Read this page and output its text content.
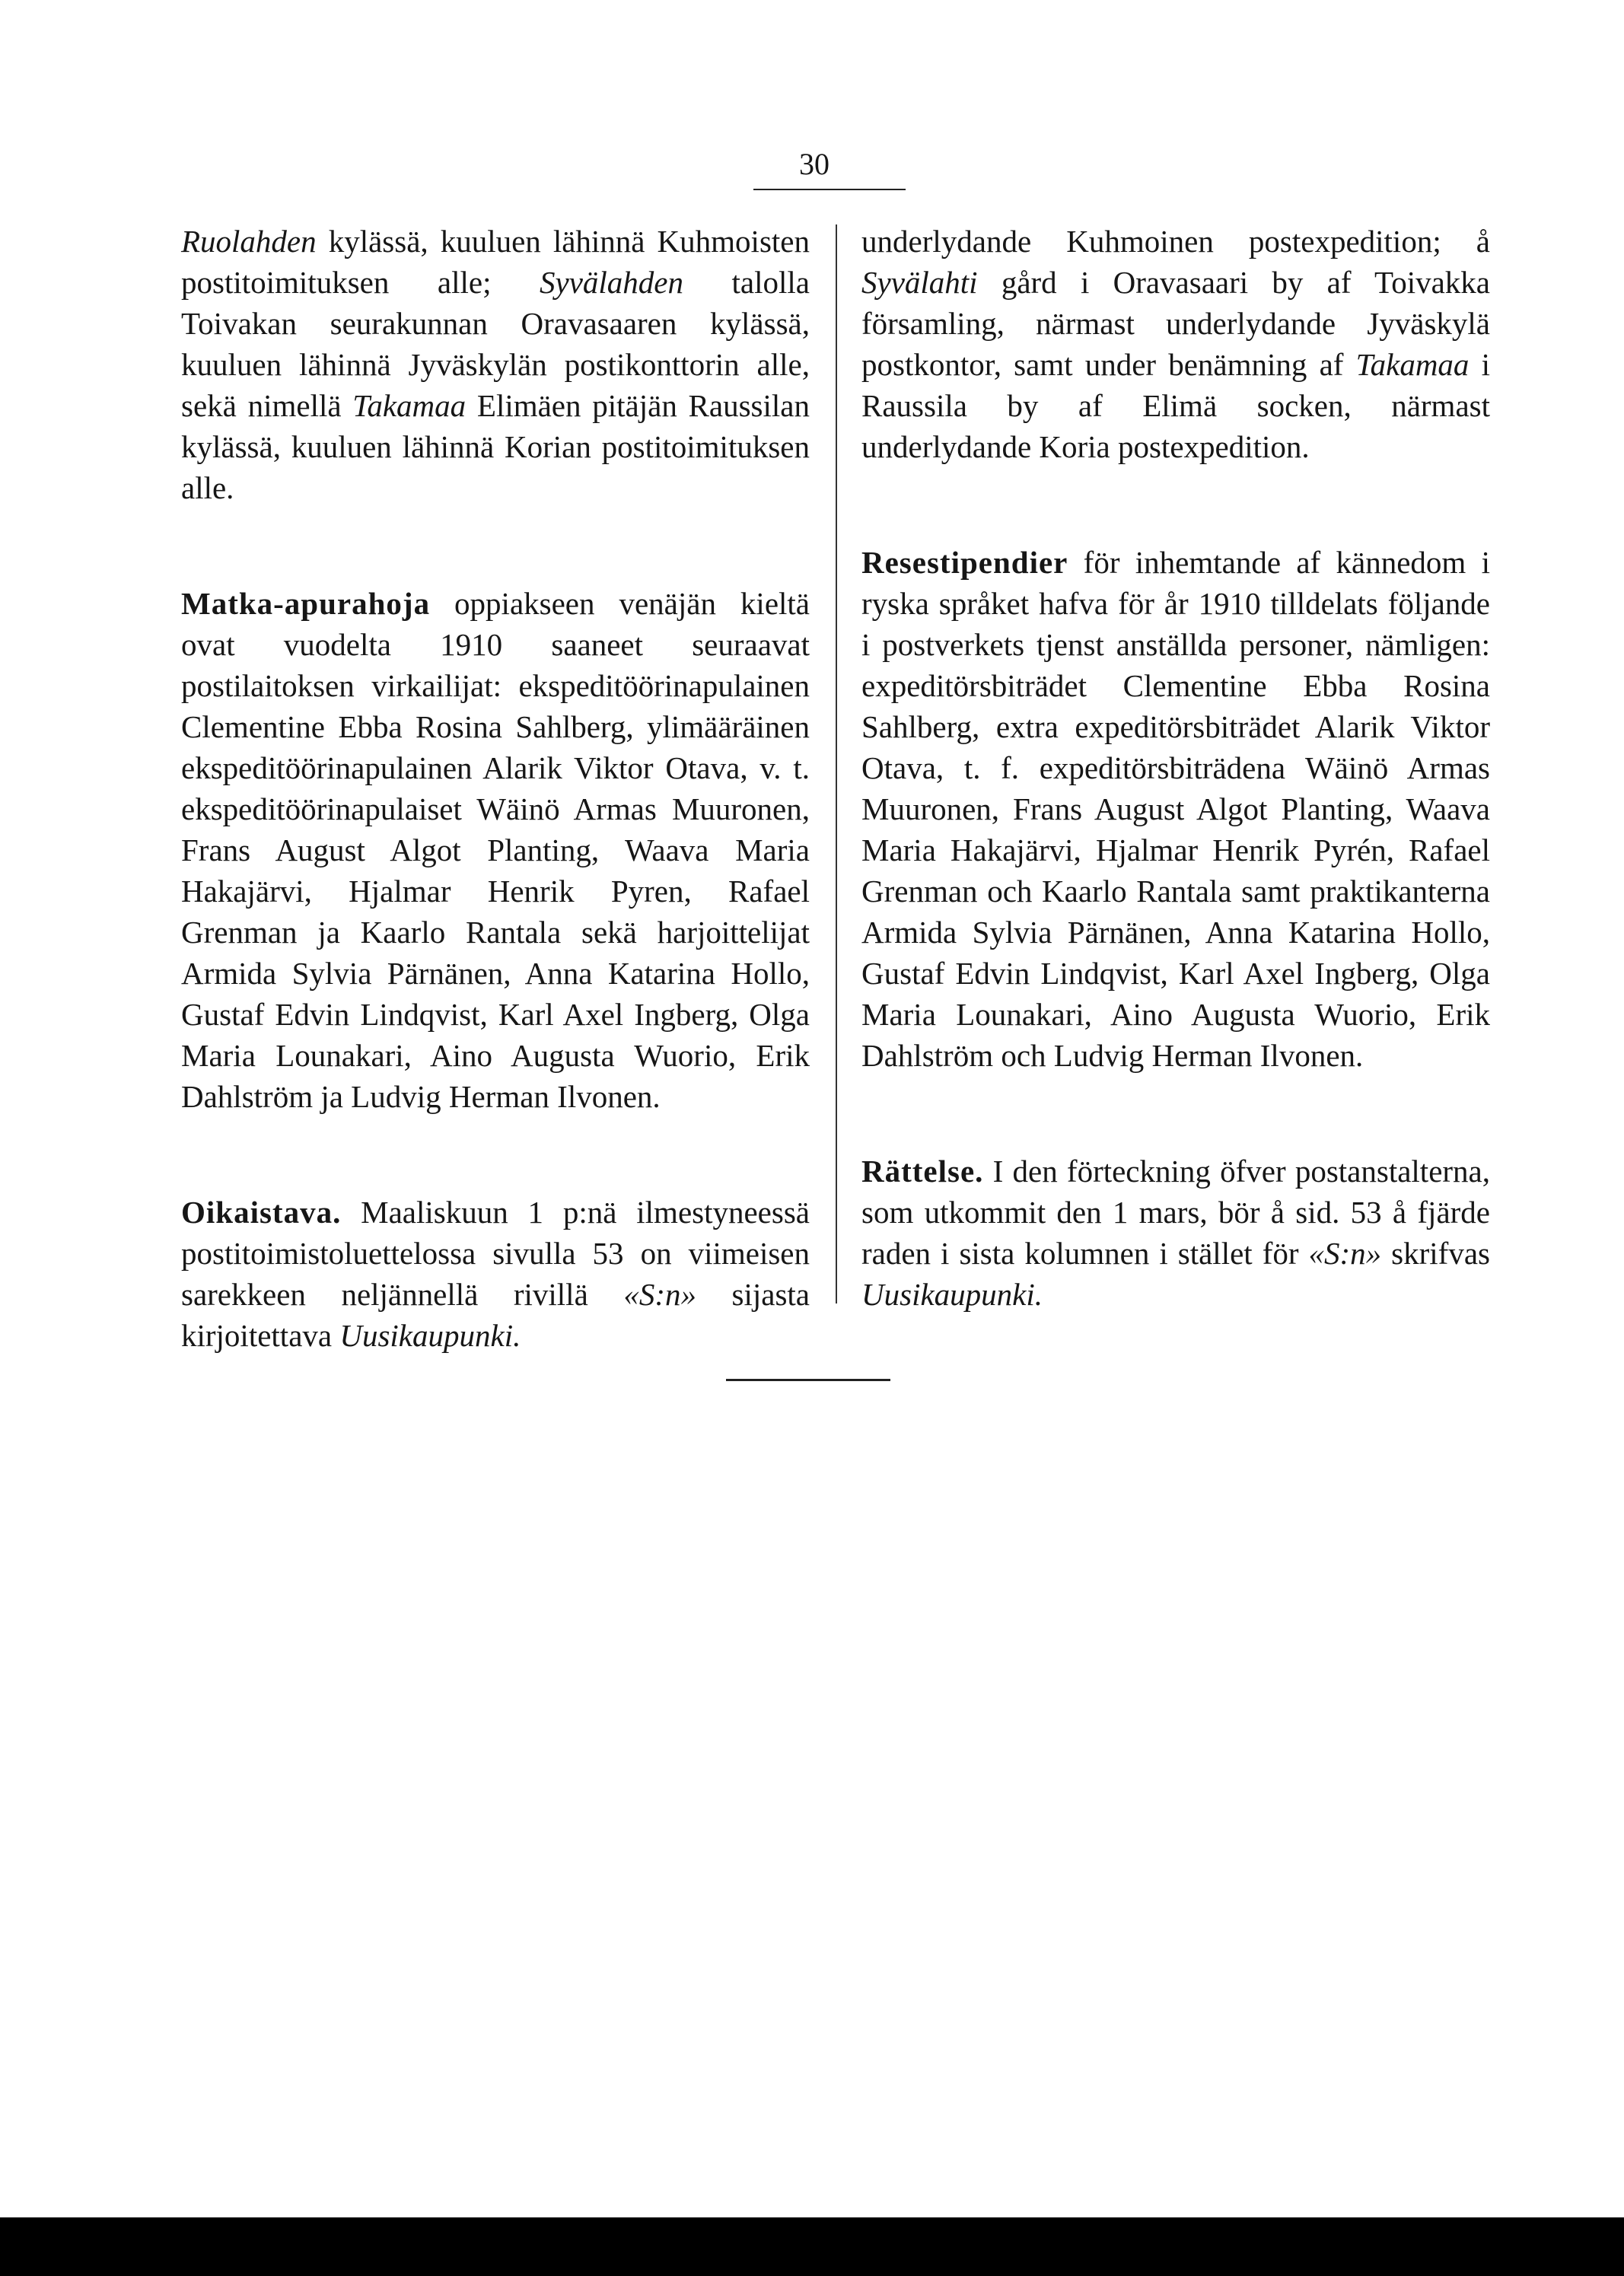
30

Ruolahden kylässä, kuuluen lähinnä Kuhmoisten postitoimituksen alle; Syvälahden talolla Toivakan seurakunnan Oravasaaren kylässä, kuuluen lähinnä Jyväskylän postikonttorin alle, sekä nimellä Takamaa Elimäen pitäjän Raussilan kylässä, kuuluen lähinnä Korian postitoimituksen alle.

Matka-apurahoja oppiakseen venäjän kieltä ovat vuodelta 1910 saaneet seuraavat postilaitoksen virkailijat: ekspeditöörinapulainen Clementine Ebba Rosina Sahlberg, ylimääräinen ekspeditöörinapulainen Alarik Viktor Otava, v. t. ekspeditöörinapulaiset Wäinö Armas Muuronen, Frans August Algot Planting, Waava Maria Hakajärvi, Hjalmar Henrik Pyren, Rafael Grenman ja Kaarlo Rantala sekä harjoittelijat Armida Sylvia Pärnänen, Anna Katarina Hollo, Gustaf Edvin Lindqvist, Karl Axel Ingberg, Olga Maria Lounakari, Aino Augusta Wuorio, Erik Dahlström ja Ludvig Herman Ilvonen.

Oikaistava. Maaliskuun 1 p:nä ilmestyneessä postitoimistoluettelossa sivulla 53 on viimeisen sarekkeen neljännellä rivillä «S:n» sijasta kirjoitettava Uusikaupunki.

underlydande Kuhmoinen postexpedition; å Syvälahti gård i Oravasaari by af Toivakka församling, närmast underlydande Jyväskylä postkontor, samt under benämning af Takamaa i Raussila by af Elimä socken, närmast underlydande Koria postexpedition.

Resestipendier för inhemtande af kännedom i ryska språket hafva för år 1910 tilldelats följande i postverkets tjenst anställda personer, nämligen: expeditörsbiträdet Clementine Ebba Rosina Sahlberg, extra expeditörsbiträdet Alarik Viktor Otava, t. f. expeditörsbiträdena Wäinö Armas Muuronen, Frans August Algot Planting, Waava Maria Hakajärvi, Hjalmar Henrik Pyrén, Rafael Grenman och Kaarlo Rantala samt praktikanterna Armida Sylvia Pärnänen, Anna Katarina Hollo, Gustaf Edvin Lindqvist, Karl Axel Ingberg, Olga Maria Lounakari, Aino Augusta Wuorio, Erik Dahlström och Ludvig Herman Ilvonen.

Rättelse. I den förteckning öfver postanstalterna, som utkommit den 1 mars, bör å sid. 53 å fjärde raden i sista kolumnen i stället för «S:n» skrifvas Uusikaupunki.
